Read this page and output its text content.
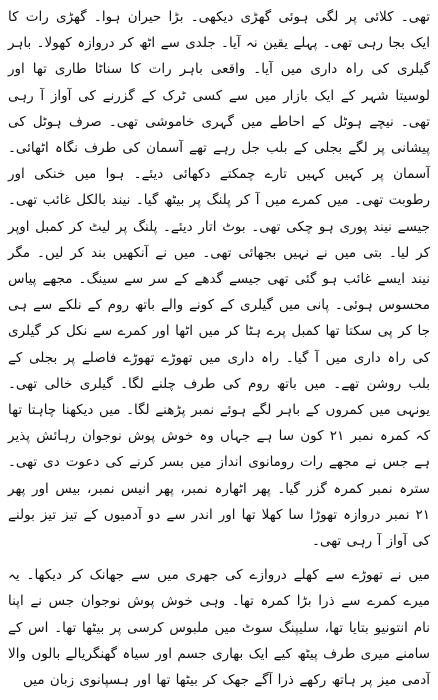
تھی۔ کلائی پر لگی ہوئی گھڑی دیکھی۔ بڑا حیران ہوا۔ گھڑی رات کا ایک بجا رہی تھی۔ پہلے یقین نہ آیا۔ جلدی سے اٹھ کر دروازہ کھولا۔ باہر گیلری کی راہ داری میں آیا۔ واقعی باہر رات کا سناٹا طاری تھا اور لوسیتا شہر کے ایک بازار میں سے کسی ٹرک کے گزرنے کی آواز آ رہی تھی۔ نیچے ہوٹل کے احاطے میں گہری خاموشی تھی۔ صرف ہوٹل کی پیشانی پر لگے بجلی کے بلب جل رہے تھے آسمان کی طرف نگاہ اٹھائی۔ آسمان پر کہیں کہیں تارے چمکتے دکھائی دیئے۔ ہوا میں خنکی اور رطوبت تھی۔ میں کمرے میں آ کر پلنگ پر بیٹھ گیا۔ نیند بالکل غائب تھی۔ جیسے نیند پوری ہو چکی تھی۔ بوٹ اتار دیئے۔ پلنگ پر لیٹ کر کمبل اوپر کر لیا۔ بتی میں نے نہیں بجھائی تھی۔ میں نے آنکھیں بند کر لیں۔ مگر نیند ایسے غائب ہو گئی تھی جیسے گدھے کے سر سے سینگ۔ مجھے پیاس محسوس ہوئی۔ پانی میں گیلری کے کونے والے باتھ روم کے نلکے سے ہی جا کر پی سکتا تھا کمبل پرے ہٹا کر میں اٹھا اور کمرے سے نکل کر گیلری کی راہ داری میں آ گیا۔ راہ داری میں تھوڑے تھوڑے فاصلے پر بجلی کے بلب روشن تھے۔ میں باتھ روم کی طرف چلنے لگا۔ گیلری خالی تھی۔ یونہی میں کمروں کے باہر لگے ہوئے نمبر پڑھنے لگا۔ میں دیکھنا چاہتا تھا کہ کمرہ نمبر ۲۱ کون سا ہے جہاں وہ خوش پوش نوجوان رہائش پذیر ہے جس نے مجھے رات رومانوی انداز میں بسر کرنے کی دعوت دی تھی۔ سترہ نمبر کمرہ گزر گیا۔ پھر اٹھارہ نمبر، پھر انیس نمبر، بیس اور پھر ۲۱ نمبر دروازہ تھوڑا سا کھلا تھا اور اندر سے دو آدمیوں کے تیز تیز بولنے کی آواز آ رہی تھی۔

میں نے تھوڑے سے کھلے دروازے کی جھری میں سے جھانک کر دیکھا۔ یہ میرے کمرے سے ذرا بڑا کمرہ تھا۔ وہی خوش پوش نوجوان جس نے اپنا نام انتونیو بتایا تھا، سلیپنگ سوٹ میں ملبوس کرسی پر بیٹھا تھا۔ اس کے سامنے میری طرف پیٹھ کیے ایک بھاری جسم اور سیاہ گھنگریالے بالوں والا آدمی میز پر ہاتھ رکھے ذرا آگے جھک کر بیٹھا تھا اور ہسپانوی زبان میں
